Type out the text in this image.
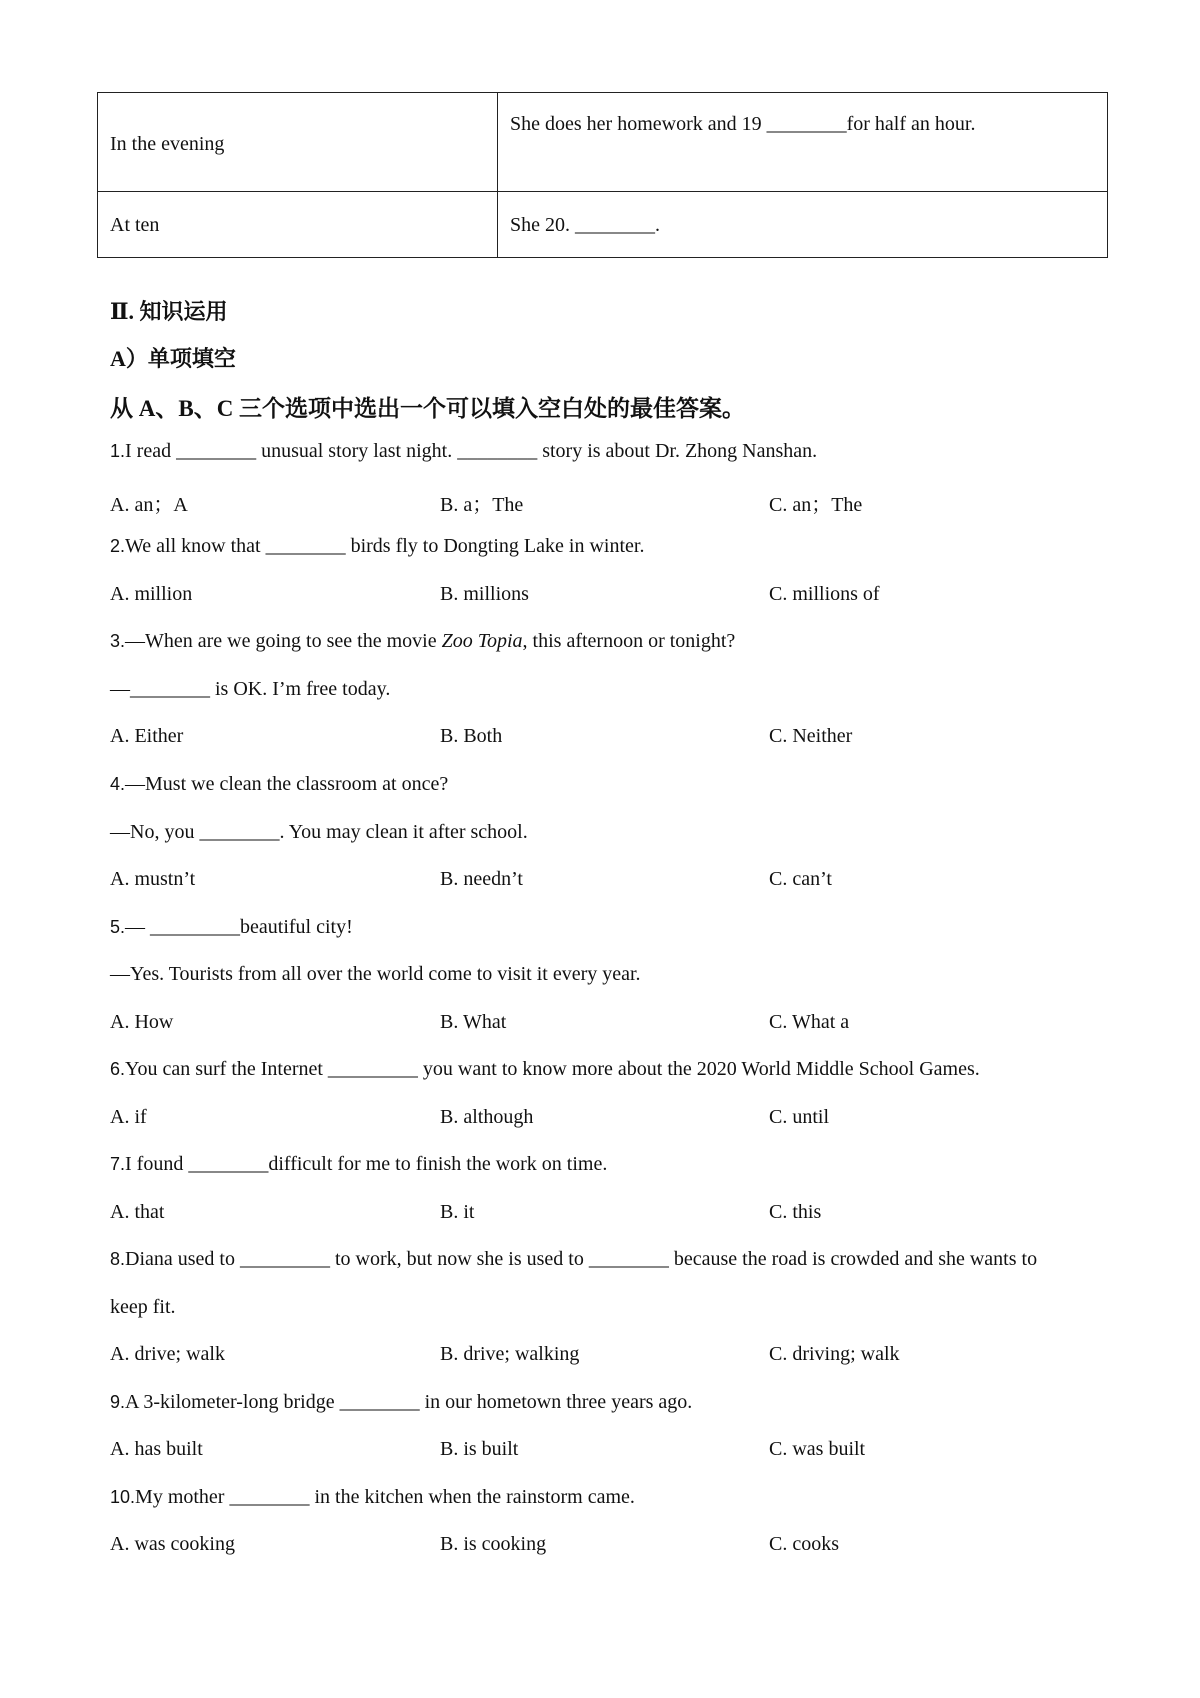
In the evening	She does her homework and 19 ________for half an hour.
At ten	She 20. ________.
Ⅱ. 知识运用
A）单项填空
从 A、B、C 三个选项中选出一个可以填入空白处的最佳答案。
1.I read ________ unusual story last night. ________ story is about Dr. Zhong Nanshan.
A. an；A	B. a；The	C. an；The
2.We all know that ________ birds fly to Dongting Lake in winter.
A. million	B. millions	C. millions of
3.—When are we going to see the movie Zoo Topia, this afternoon or tonight?
—________ is OK. I’m free today.
A. Either	B. Both	C. Neither
4.—Must we clean the classroom at once?
—No, you ________. You may clean it after school.
A. mustn’t	B. needn’t	C. can’t
5.— _________beautiful city!
—Yes. Tourists from all over the world come to visit it every year.
A. How	B. What	C. What a
6.You can surf the Internet _________ you want to know more about the 2020 World Middle School Games.
A. if	B. although	C. until
7.I found ________difficult for me to finish the work on time.
A. that	B. it	C. this
8.Diana used to _________ to work, but now she is used to ________ because the road is crowded and she wants to
keep fit.
A. drive; walk	B. drive; walking	C. driving; walk
9.A 3-kilometer-long bridge ________ in our hometown three years ago.
A. has built	B. is built	C. was built
10.My mother ________ in the kitchen when the rainstorm came.
A. was cooking	B. is cooking	C. cooks
